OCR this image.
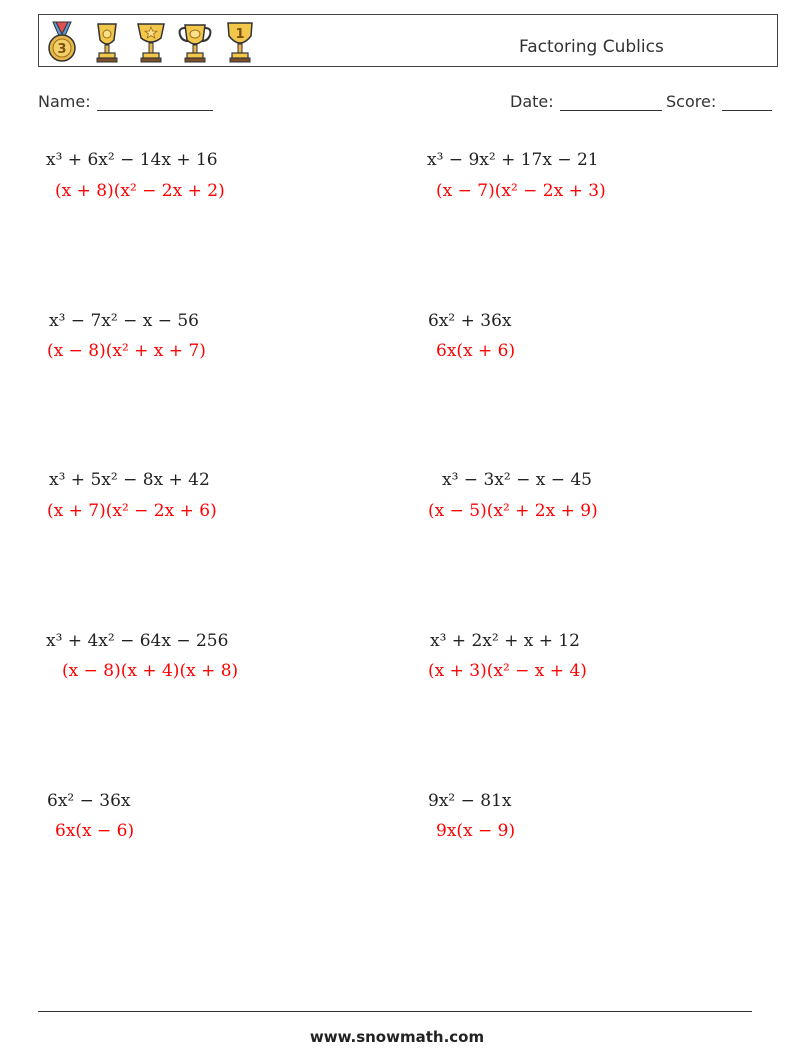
3
1
Factoring Cublics
Name:	Date:	Score:
x³ + 6x² − 14x + 16
(x + 8)(x² − 2x + 2)
x³ − 9x² + 17x − 21
(x − 7)(x² − 2x + 3)
x³ − 7x² − x − 56
(x − 8)(x² + x + 7)
6x² + 36x
6x(x + 6)
x³ + 5x² − 8x + 42
(x + 7)(x² − 2x + 6)
x³ − 3x² − x − 45
(x − 5)(x² + 2x + 9)
x³ + 4x² − 64x − 256
(x − 8)(x + 4)(x + 8)
x³ + 2x² + x + 12
(x + 3)(x² − x + 4)
6x² − 36x
6x(x − 6)
9x² − 81x
9x(x − 9)
www.snowmath.com
